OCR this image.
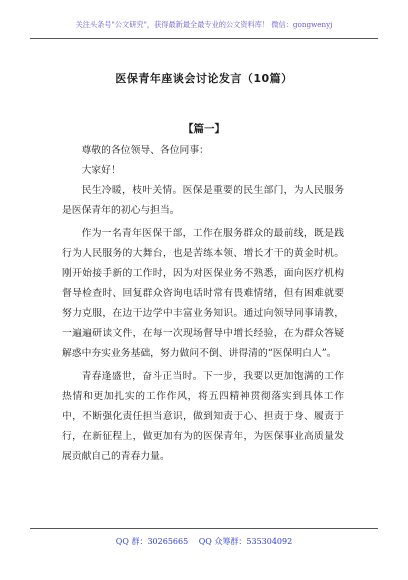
关注头条号"公文研究"，获得最新最全最专业的公文资料库！ 微信：gongwenyj
医保青年座谈会讨论发言（10篇）
【篇一】

尊敬的各位领导、各位同事：

大家好！

民生冷暖，枝叶关情。医保是重要的民生部门，为人民服务是医保青年的初心与担当。

作为一名青年医保干部，工作在服务群众的最前线，既是践行为人民服务的大舞台，也是苦练本领、增长才干的黄金时机。刚开始接手新的工作时，因为对医保业务不熟悉，面向医疗机构督导检查时、回复群众咨询电话时常有畏难情绪，但有困难就要努力克服，在边干边学中丰富业务知识。通过向领导同事请教，一遍遍研读文件，在每一次现场督导中增长经验，在为群众答疑解惑中夯实业务基础，努力做问不倒、讲得清的“医保明白人”。

青春逢盛世，奋斗正当时。下一步，我要以更加饱满的工作热情和更加扎实的工作作风，将五四精神贯彻落实到具体工作中，不断强化责任担当意识，做到知责于心、担责于身、履责于行，在新征程上，做更加有为的医保青年，为医保事业高质量发展贡献自己的青春力量。

QQ 群：30265665 QQ 众筹群：535304092
